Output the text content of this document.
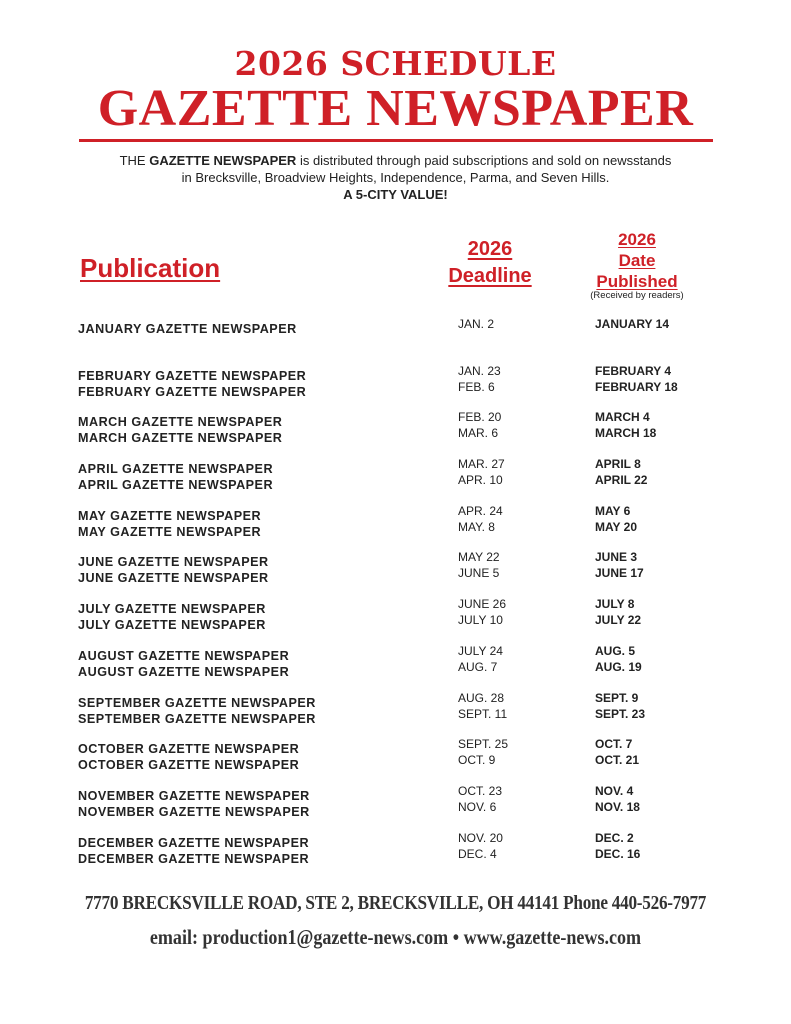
2026 SCHEDULE
GAZETTE NEWSPAPER
THE GAZETTE NEWSPAPER is distributed through paid subscriptions and sold on newsstands
in Brecksville, Broadview Heights, Independence, Parma, and Seven Hills.
A 5-CITY VALUE!
Publication
2026
Deadline
2026
Date
Published
(Received by readers)
JANUARY GAZETTE NEWSPAPER	JAN. 2	JANUARY 14
FEBRUARY GAZETTE NEWSPAPER
FEBRUARY GAZETTE NEWSPAPER
JAN. 23
FEB. 6
FEBRUARY 4
FEBRUARY 18
MARCH GAZETTE NEWSPAPER
MARCH GAZETTE NEWSPAPER
FEB. 20
MAR. 6
MARCH 4
MARCH 18
APRIL GAZETTE NEWSPAPER
APRIL GAZETTE NEWSPAPER
MAR. 27
APR. 10
APRIL 8
APRIL 22
MAY GAZETTE NEWSPAPER
MAY GAZETTE NEWSPAPER
APR. 24
MAY. 8
MAY 6
MAY 20
JUNE GAZETTE NEWSPAPER
JUNE GAZETTE NEWSPAPER
MAY 22
JUNE 5
JUNE 3
JUNE 17
JULY GAZETTE NEWSPAPER
JULY GAZETTE NEWSPAPER
JUNE 26
JULY 10
JULY 8
JULY 22
AUGUST GAZETTE NEWSPAPER
AUGUST GAZETTE NEWSPAPER
JULY 24
AUG. 7
AUG. 5
AUG. 19
SEPTEMBER GAZETTE NEWSPAPER
SEPTEMBER GAZETTE NEWSPAPER
AUG. 28
SEPT. 11
SEPT. 9
SEPT. 23
OCTOBER GAZETTE NEWSPAPER
OCTOBER GAZETTE NEWSPAPER
SEPT. 25
OCT. 9
OCT. 7
OCT. 21
NOVEMBER GAZETTE NEWSPAPER
NOVEMBER GAZETTE NEWSPAPER
OCT. 23
NOV. 6
NOV. 4
NOV. 18
DECEMBER GAZETTE NEWSPAPER
DECEMBER GAZETTE NEWSPAPER
NOV. 20
DEC. 4
DEC. 2
DEC. 16
7770 BRECKSVILLE ROAD, STE 2, BRECKSVILLE, OH 44141 Phone 440-526-7977
email: production1@gazette-news.com • www.gazette-news.com
